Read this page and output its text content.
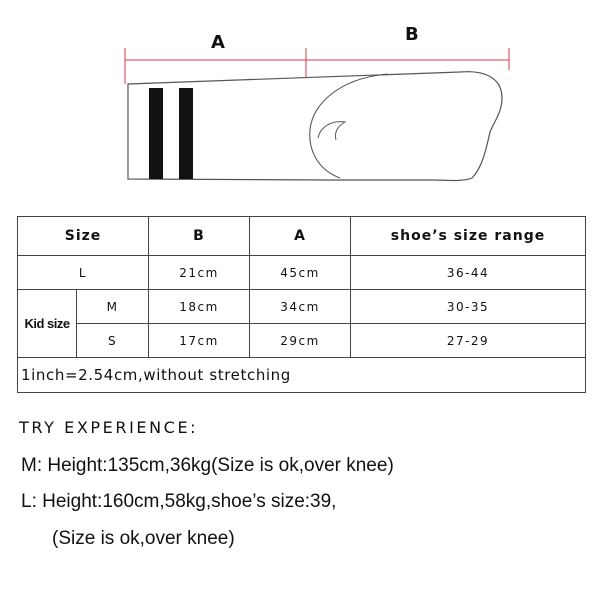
A	B
Size		B	A	shoe’s size range
L		21cm	45cm	36-44
Kid size	M	18cm	34cm	30-35
	S	17cm	29cm	27-29
1inch=2.54cm,without stretching				
TRY EXPERIENCE:
M: Height:135cm,36kg(Size is ok,over knee)
L: Height:160cm,58kg,shoe’s size:39,
(Size is ok,over knee)
